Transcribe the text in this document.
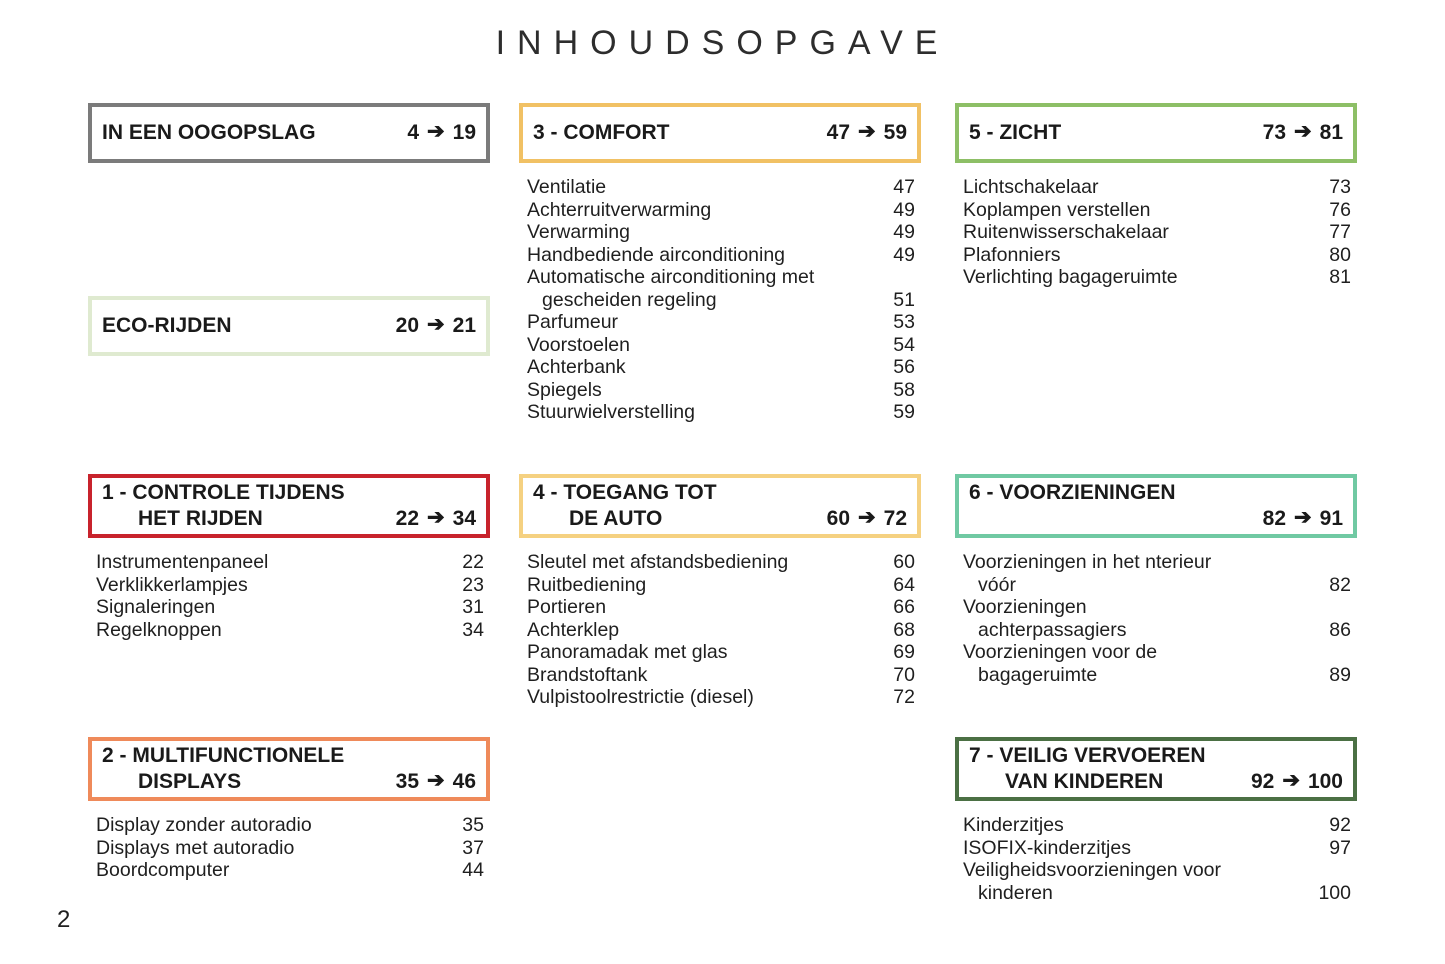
INHOUDSOPGAVE
IN EEN OOGOPSLAG	4 ➔ 19
ECO-RIJDEN	20 ➔ 21
1 - CONTROLE TIJDENS
HET RIJDEN	22 ➔ 34
Instrumentenpaneel	22
Verklikkerlampjes	23
Signaleringen	31
Regelknoppen	34
2 - MULTIFUNCTIONELE
DISPLAYS	35 ➔ 46
Display zonder autoradio	35
Displays met autoradio	37
Boordcomputer	44
3 - COMFORT	47 ➔ 59
Ventilatie	47
Achterruitverwarming	49
Verwarming	49
Handbediende airconditioning	49
Automatische airconditioning met
gescheiden regeling	51
Parfumeur	53
Voorstoelen	54
Achterbank	56
Spiegels	58
Stuurwielverstelling	59
4 - TOEGANG TOT
DE AUTO	60 ➔ 72
Sleutel met afstandsbediening	60
Ruitbediening	64
Portieren	66
Achterklep	68
Panoramadak met glas	69
Brandstoftank	70
Vulpistoolrestrictie (diesel)	72
5 - ZICHT	73 ➔ 81
Lichtschakelaar	73
Koplampen verstellen	76
Ruitenwisserschakelaar	77
Plafonniers	80
Verlichting bagageruimte	81
6 - VOORZIENINGEN
82 ➔ 91
Voorzieningen in het nterieur
vóór	82
Voorzieningen
achterpassagiers	86
Voorzieningen voor de
bagageruimte	89
7 - VEILIG VERVOEREN
VAN KINDEREN	92 ➔ 100
Kinderzitjes	92
ISOFIX-kinderzitjes	97
Veiligheidsvoorzieningen voor
kinderen	100
2
